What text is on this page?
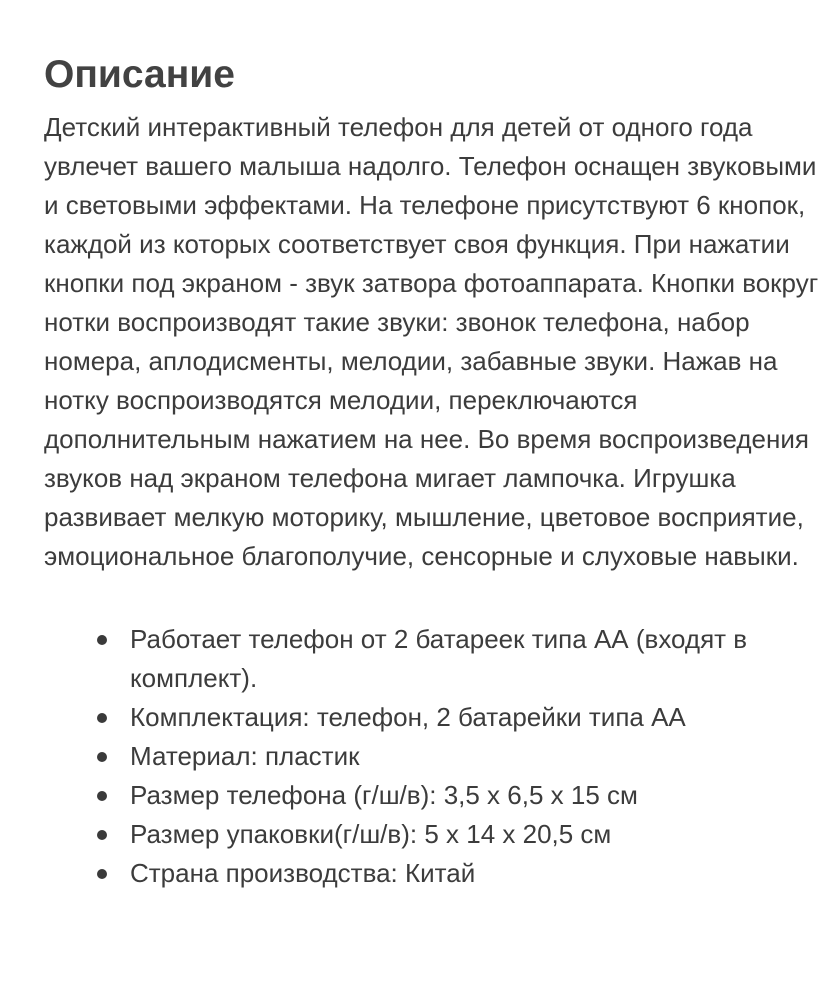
Описание

Детский интерактивный телефон для детей от одного года увлечет вашего малыша надолго. Телефон оснащен звуковыми и световыми эффектами. На телефоне присутствуют 6 кнопок, каждой из которых соответствует своя функция. При нажатии кнопки под экраном - звук затвора фотоаппарата. Кнопки вокруг нотки воспроизводят такие звуки: звонок телефона, набор номера, аплодисменты, мелодии, забавные звуки. Нажав на нотку воспроизводятся мелодии, переключаются дополнительным нажатием на нее. Во время воспроизведения звуков над экраном телефона мигает лампочка. Игрушка развивает мелкую моторику, мышление, цветовое восприятие, эмоциональное благополучие, сенсорные и слуховые навыки.

Работает телефон от 2 батареек типа АА (входят в комплект).
Комплектация: телефон, 2 батарейки типа АА
Материал: пластик
Размер телефона (г/ш/в): 3,5 х 6,5 х 15 см
Размер упаковки(г/ш/в): 5 х 14 х 20,5 см
Страна производства: Китай
